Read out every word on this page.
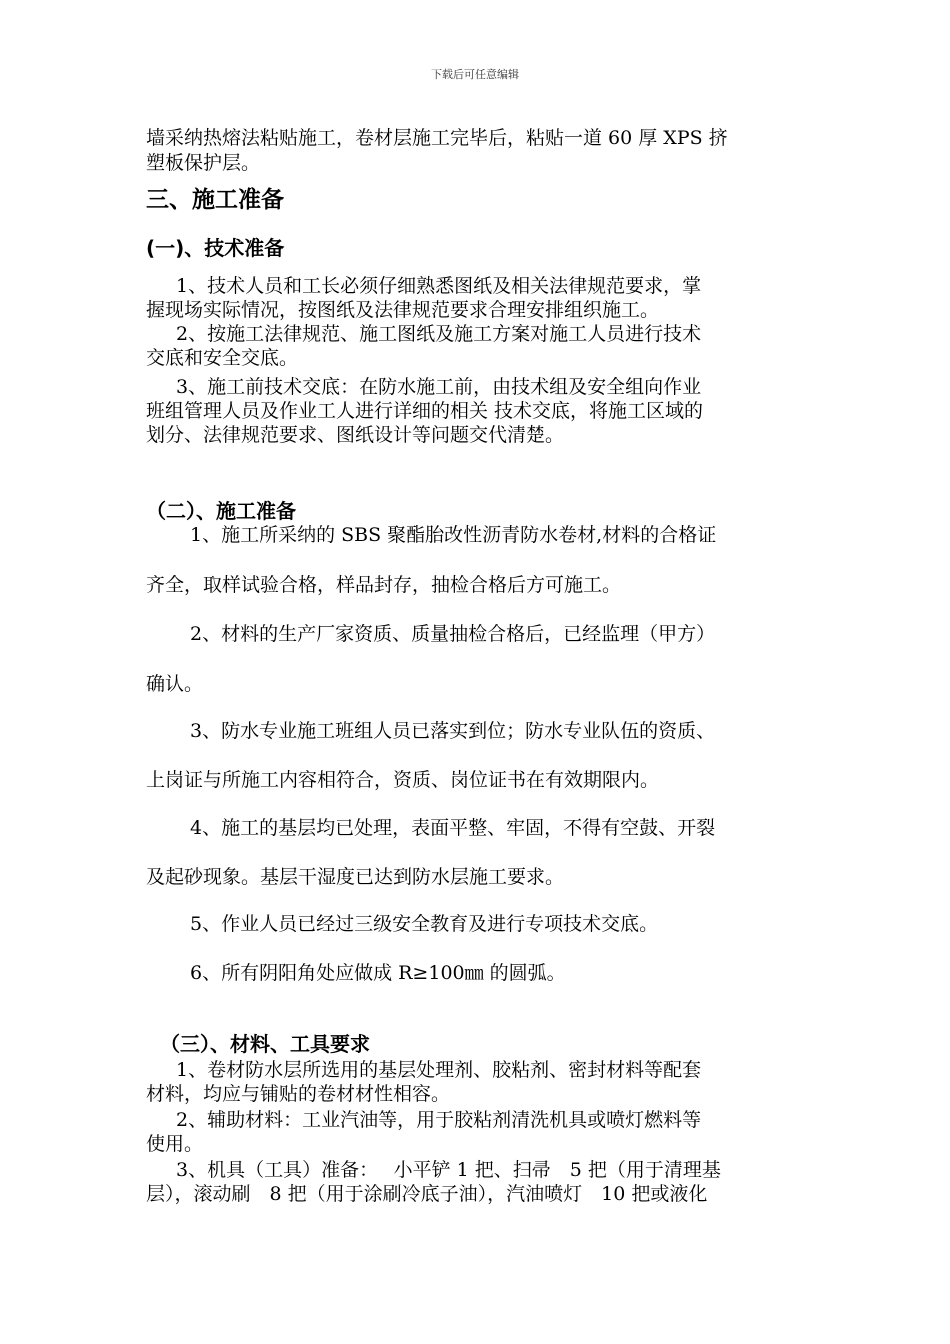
下载后可任意编辑
墙采纳热熔法粘贴施工，卷材层施工完毕后，粘贴一道 60 厚 XPS 挤
塑板保护层。
三、施工准备
(一)、技术准备
1、技术人员和工长必须仔细熟悉图纸及相关法律规范要求，掌
握现场实际情况，按图纸及法律规范要求合理安排组织施工。
2、按施工法律规范、施工图纸及施工方案对施工人员进行技术
交底和安全交底。
3、施工前技术交底：在防水施工前，由技术组及安全组向作业
班组管理人员及作业工人进行详细的相关 技术交底，将施工区域的
划分、法律规范要求、图纸设计等问题交代清楚。
（二）、施工准备
1、施工所采纳的 SBS 聚酯胎改性沥青防水卷材,材料的合格证
齐全，取样试验合格，样品封存，抽检合格后方可施工。
2、材料的生产厂家资质、质量抽检合格后，已经监理（甲方）
确认。
3、防水专业施工班组人员已落实到位；防水专业队伍的资质、
上岗证与所施工内容相符合，资质、岗位证书在有效期限内。
4、施工的基层均已处理，表面平整、牢固，不得有空鼓、开裂
及起砂现象。基层干湿度已达到防水层施工要求。
5、作业人员已经过三级安全教育及进行专项技术交底。
6、所有阴阳角处应做成 R≥100㎜ 的圆弧。
（三）、材料、工具要求
1、卷材防水层所选用的基层处理剂、胶粘剂、密封材料等配套
材料，均应与铺贴的卷材材性相容。
2、辅助材料：工业汽油等，用于胶粘剂清洗机具或喷灯燃料等
使用。
3、机具（工具）准备：　 小平铲 1 把、扫帚　5 把（用于清理基
层），滚动刷　8 把（用于涂刷冷底子油），汽油喷灯　10 把或液化
